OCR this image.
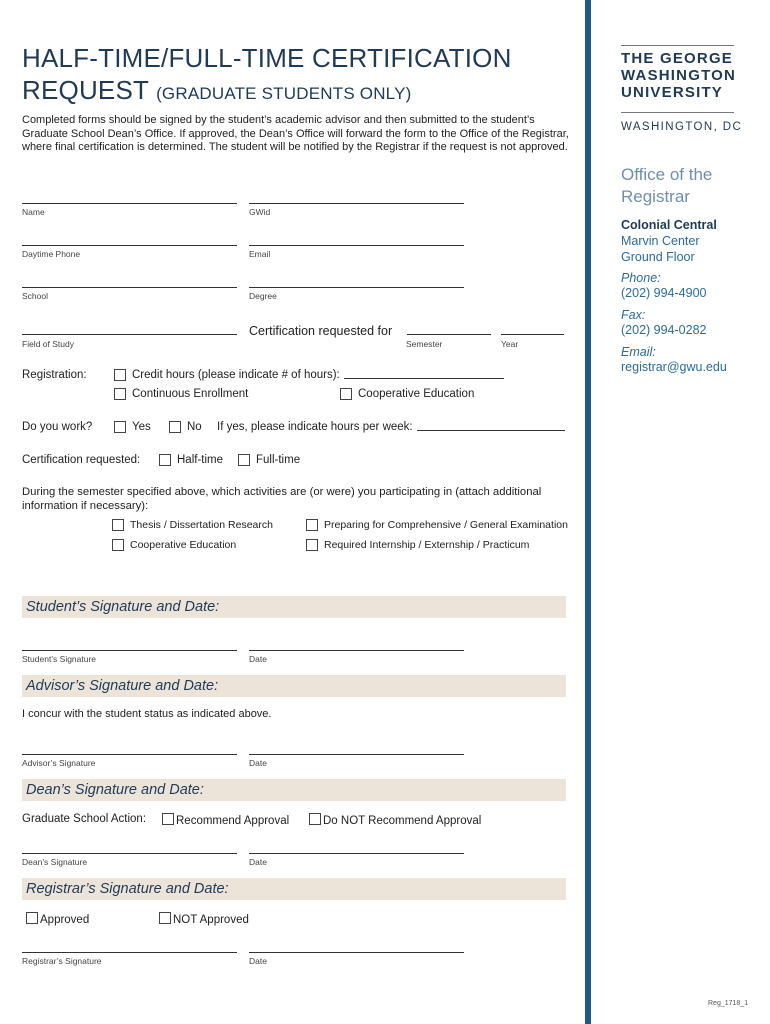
HALF-TIME/FULL-TIME CERTIFICATION
REQUEST (GRADUATE STUDENTS ONLY)
Completed forms should be signed by the student’s academic advisor and then submitted to the student’s Graduate School Dean’s Office. If approved, the Dean’s Office will forward the form to the Office of the Registrar, where final certification is determined. The student will be notified by the Registrar if the request is not approved.
Name	GWid
Daytime Phone	Email
School	Degree
Certification requested for
Field of Study	Semester	Year
Registration:	Credit hours (please indicate # of hours):
Continuous Enrollment	Cooperative Education
Do you work?	Yes	No If yes, please indicate hours per week:
Certification requested:	Half-time	Full-time
During the semester specified above, which activities are (or were) you participating in (attach additional information if necessary):
Thesis / Dissertation Research	Preparing for Comprehensive / General Examination
Cooperative Education	Required Internship / Externship / Practicum
Student’s Signature and Date:
Student’s Signature	Date
Advisor’s Signature and Date:
I concur with the student status as indicated above.
Advisor’s Signature	Date
Dean’s Signature and Date:
Graduate School Action:	Recommend Approval	Do NOT Recommend Approval
Dean’s Signature	Date
Registrar’s Signature and Date:
Approved	NOT Approved
Registrar’s Signature	Date
THE GEORGE
WASHINGTON
UNIVERSITY
WASHINGTON, DC
Office of the
Registrar
Colonial Central
Marvin Center
Ground Floor
Phone:
(202) 994-4900
Fax:
(202) 994-0282
Email:
registrar@gwu.edu
Reg_1718_1
